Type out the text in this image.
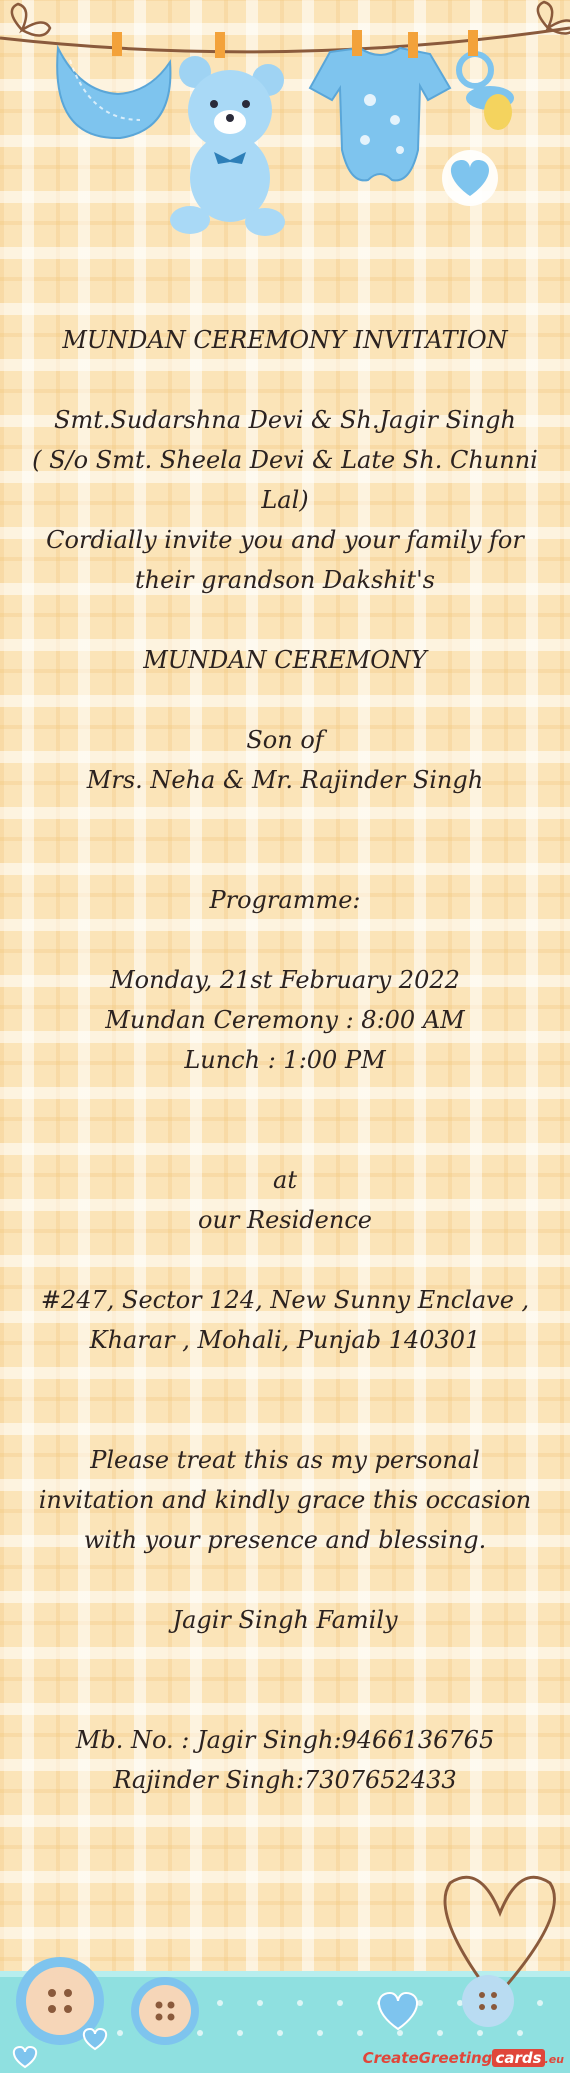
MUNDAN CEREMONY INVITATION

Smt.Sudarshna Devi & Sh.Jagir Singh

( S/o Smt. Sheela Devi & Late Sh. Chunni Lal)

Cordially invite you and your family for their grandson Dakshit's

MUNDAN CEREMONY

Son of

Mrs. Neha & Mr. Rajinder Singh

Programme:

Monday, 21st February 2022

Mundan Ceremony : 8:00 AM

Lunch : 1:00 PM

at

our Residence

#247, Sector 124, New Sunny Enclave , Kharar , Mohali, Punjab 140301

Please treat this as my personal invitation and kindly grace this occasion with your presence and blessing.

Jagir Singh Family

Mb. No. : Jagir Singh:9466136765

Rajinder Singh:7307652433

CreateGreeting cards .eu
